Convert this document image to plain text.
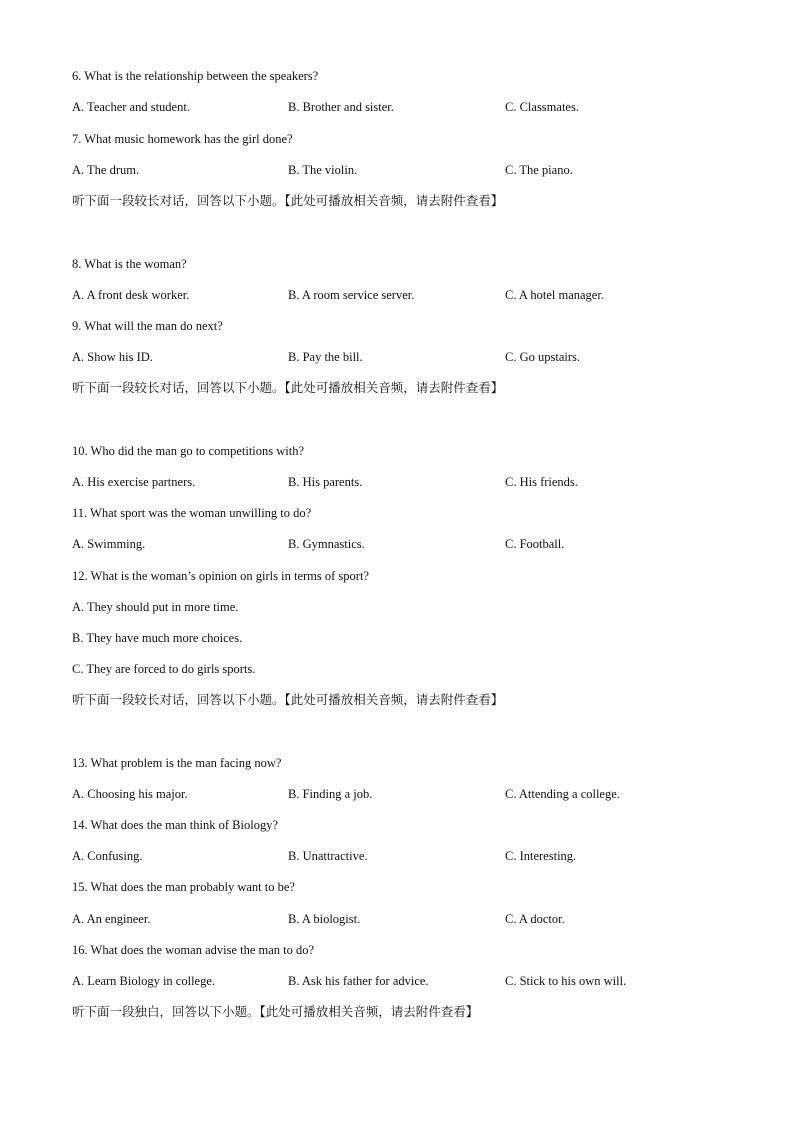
6. What is the relationship between the speakers?
A. Teacher and student.	B. Brother and sister.	C. Classmates.
7. What music homework has the girl done?
A. The drum.	B. The violin.	C. The piano.
听下面一段较长对话，回答以下小题。【此处可播放相关音频，请去附件查看】
8. What is the woman?
A. A front desk worker.	B. A room service server.	C. A hotel manager.
9. What will the man do next?
A. Show his ID.	B. Pay the bill.	C. Go upstairs.
听下面一段较长对话，回答以下小题。【此处可播放相关音频，请去附件查看】
10. Who did the man go to competitions with?
A. His exercise partners.	B. His parents.	C. His friends.
11. What sport was the woman unwilling to do?
A. Swimming.	B. Gymnastics.	C. Football.
12. What is the woman’s opinion on girls in terms of sport?
A. They should put in more time.
B. They have much more choices.
C. They are forced to do girls sports.
听下面一段较长对话，回答以下小题。【此处可播放相关音频，请去附件查看】
13. What problem is the man facing now?
A. Choosing his major.	B. Finding a job.	C. Attending a college.
14. What does the man think of Biology?
A. Confusing.	B. Unattractive.	C. Interesting.
15. What does the man probably want to be?
A. An engineer.	B. A biologist.	C. A doctor.
16. What does the woman advise the man to do?
A. Learn Biology in college.	B. Ask his father for advice.	C. Stick to his own will.
听下面一段独白，回答以下小题。【此处可播放相关音频，请去附件查看】
